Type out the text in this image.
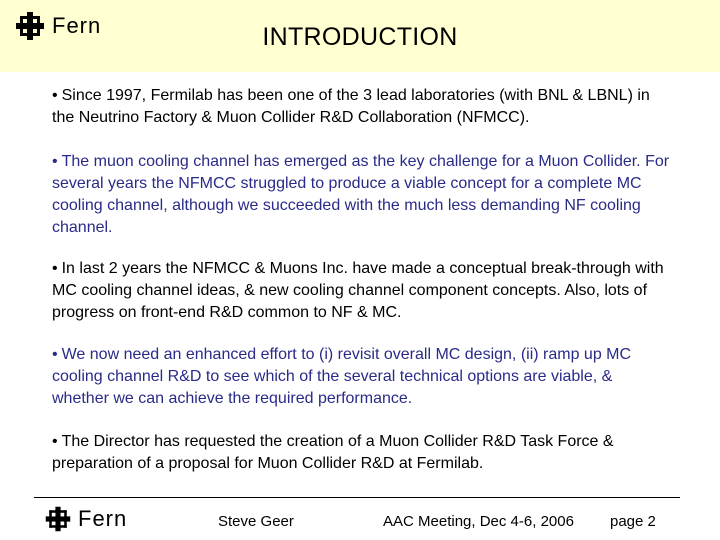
Fern	INTRODUCTION

• Since 1997, Fermilab has been one of the 3 lead laboratories (with BNL & LBNL) in the Neutrino Factory & Muon Collider R&D Collaboration (NFMCC).

• The muon cooling channel has emerged as the key challenge for a Muon Collider. For several years the NFMCC struggled to produce a viable concept for a complete MC cooling channel, although we succeeded with the much less demanding NF cooling channel.

• In last 2 years the NFMCC & Muons Inc. have made a conceptual break-through with MC cooling channel ideas, & new cooling channel component concepts. Also, lots of progress on front-end R&D common to NF & MC.

• We now need an enhanced effort to (i) revisit overall MC design, (ii) ramp up MC cooling channel R&D to see which of the several technical options are viable, & whether we can achieve the required performance.

• The Director has requested the creation of a Muon Collider R&D Task Force & preparation of a proposal for Muon Collider R&D at Fermilab.

Fern	Steve Geer	AAC Meeting, Dec 4-6, 2006 page 2
